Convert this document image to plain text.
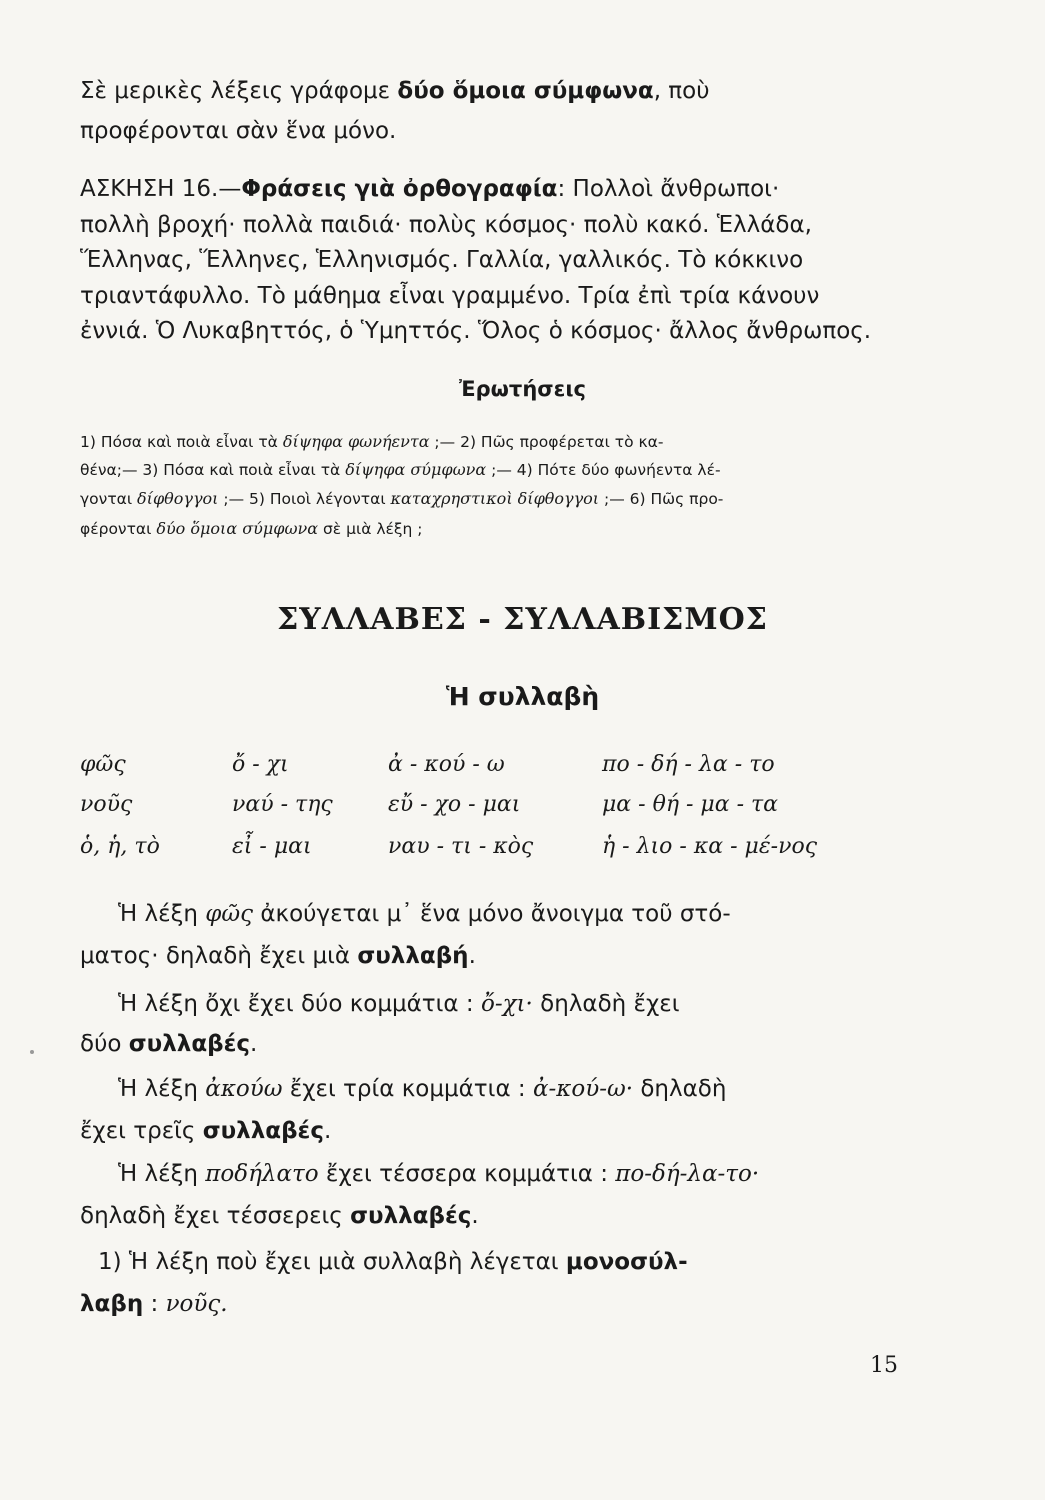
Σὲ μερικὲς λέξεις γράφομε δύο ὅμοια σύμφωνα, ποὺ
προφέρονται σὰν ἕνα μόνο.
ΑΣΚΗΣΗ 16.—Φράσεις γιὰ ὀρθογραφία: Πολλοὶ ἄνθρωποι·
πολλὴ βροχή· πολλὰ παιδιά· πολὺς κόσμος· πολὺ κακό. Ἑλλάδα,
Ἕλληνας, Ἕλληνες, Ἑλληνισμός. Γαλλία, γαλλικός. Τὸ κόκκινο
τριαντάφυλλο. Τὸ μάθημα εἶναι γραμμένο. Τρία ἐπὶ τρία κάνουν
ἐννιά. Ὁ Λυκαβηττός, ὁ Ὑμηττός. Ὅλος ὁ κόσμος· ἄλλος ἄνθρωπος.
Ἐρωτήσεις
1) Πόσα καὶ ποιὰ εἶναι τὰ δίψηφα φωνήεντα ;— 2) Πῶς προφέρεται τὸ κα-
θένα;— 3) Πόσα καὶ ποιὰ εἶναι τὰ δίψηφα σύμφωνα ;— 4) Πότε δύο φωνήεντα λέ-
γονται δίφθογγοι ;— 5) Ποιοὶ λέγονται καταχρηστικοὶ δίφθογγοι ;— 6) Πῶς προ-
φέρονται δύο ὅμοια σύμφωνα σὲ μιὰ λέξη ;
ΣΥΛΛΑΒΕΣ - ΣΥΛΛΑΒΙΣΜΟΣ
Ἡ συλλαβὴ
φῶς	ὄ - χι	ἀ - κού - ω	πο - δή - λα - το
νοῦς	ναύ - της	εὔ - χο - μαι	μα - θή - μα - τα
ὁ, ἡ, τὸ	εἶ - μαι	ναυ - τι - κὸς	ἡ - λιο - κα - μέ-νος
Ἡ λέξη φῶς ἀκούγεται μ᾽ ἕνα μόνο ἄνοιγμα τοῦ στό-
ματος· δηλαδὴ ἔχει μιὰ συλλαβή.
Ἡ λέξη ὄχι ἔχει δύο κομμάτια : ὄ-χι· δηλαδὴ ἔχει
δύο συλλαβές.
Ἡ λέξη ἀκούω ἔχει τρία κομμάτια : ἀ-κού-ω· δηλαδὴ
ἔχει τρεῖς συλλαβές.
Ἡ λέξη ποδήλατο ἔχει τέσσερα κομμάτια : πο-δή-λα-το·
δηλαδὴ ἔχει τέσσερεις συλλαβές.
1) Ἡ λέξη ποὺ ἔχει μιὰ συλλαβὴ λέγεται μονοσύλ-
λαβη : νοῦς.
15
